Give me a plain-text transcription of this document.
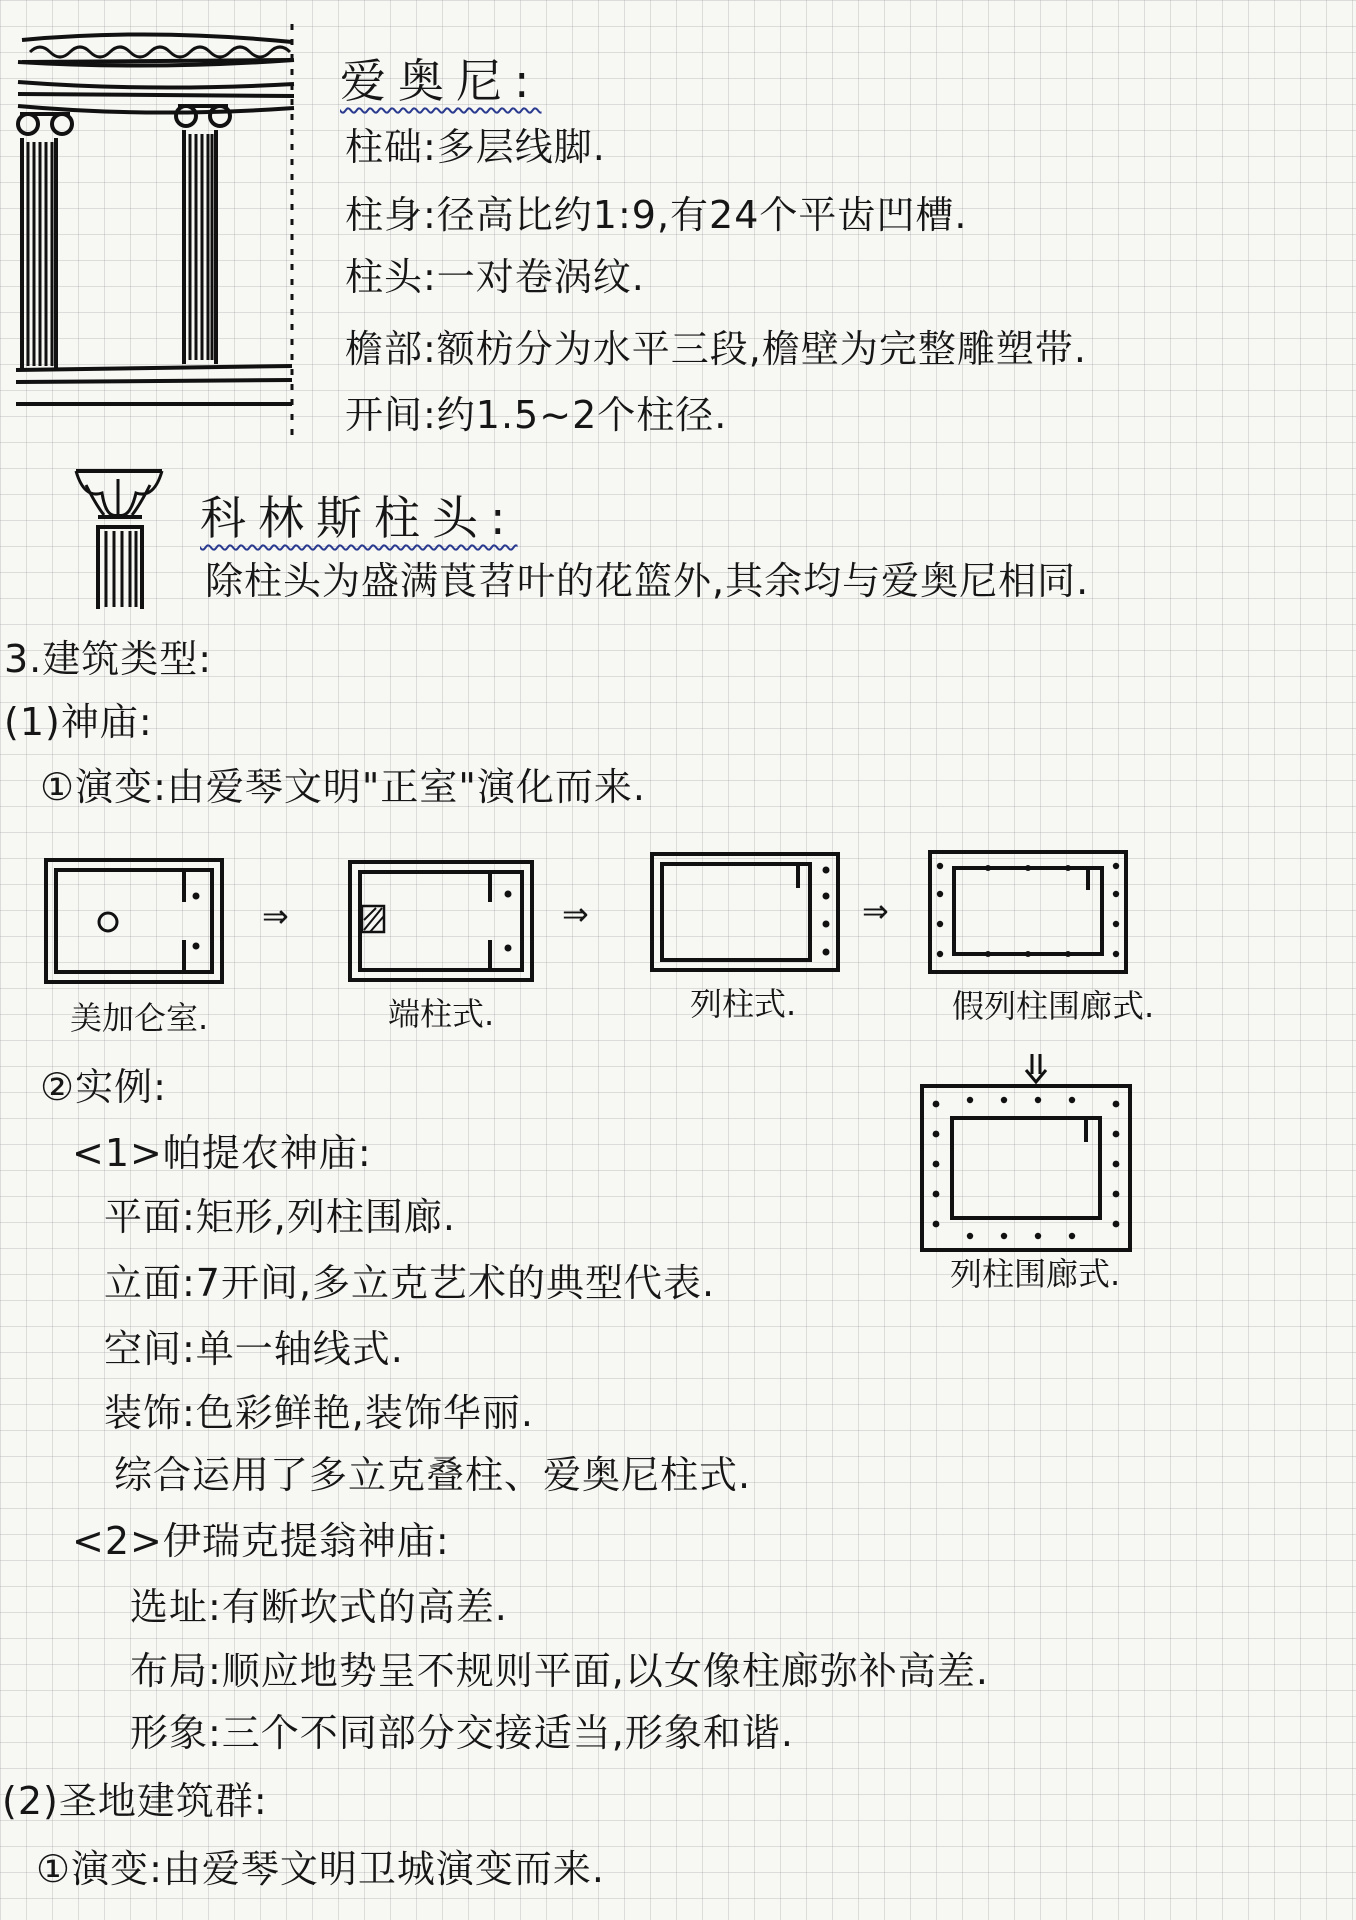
爱奥尼:
柱础:多层线脚.
柱身:径高比约1:9,有24个平齿凹槽.
柱头:一对卷涡纹.
檐部:额枋分为水平三段,檐壁为完整雕塑带.
开间:约1.5~2个柱径.
科林斯柱头:
除柱头为盛满莨苕叶的花篮外,其余均与爱奥尼相同.
3.建筑类型:
(1)神庙:
①演变:由爱琴文明"正室"演化而来.
⇒	⇒	⇒
美加仑室.	端柱式.	列柱式.	假列柱围廊式.
列柱围廊式.
②实例:
<1>帕提农神庙:
平面:矩形,列柱围廊.
立面:7开间,多立克艺术的典型代表.
空间:单一轴线式.
装饰:色彩鲜艳,装饰华丽.
综合运用了多立克叠柱、爱奥尼柱式.
<2>伊瑞克提翁神庙:
选址:有断坎式的高差.
布局:顺应地势呈不规则平面,以女像柱廊弥补高差.
形象:三个不同部分交接适当,形象和谐.
(2)圣地建筑群:
①演变:由爱琴文明卫城演变而来.
